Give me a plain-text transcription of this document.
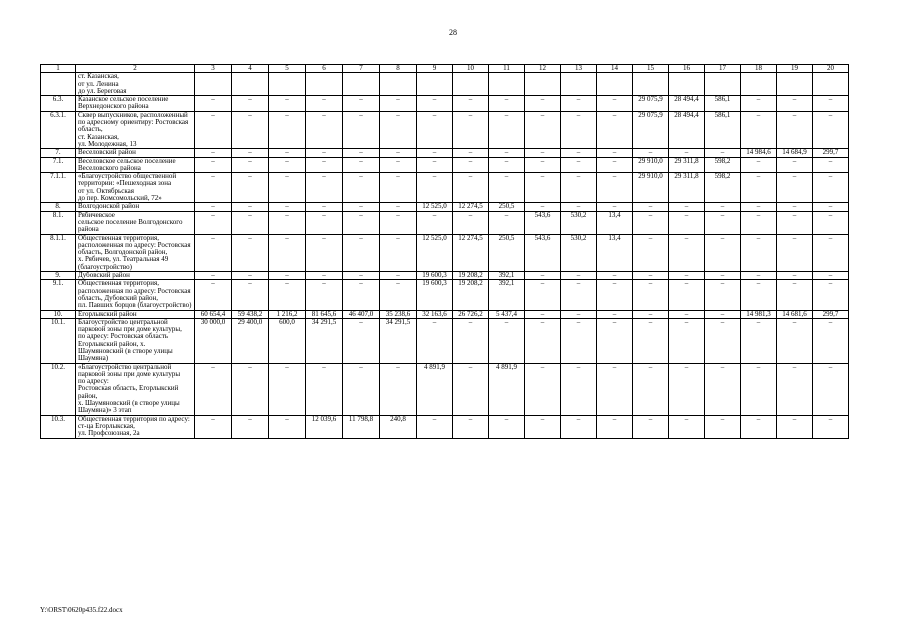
28
1	2	3	4	5	6	7	8	9	10	11	12	13	14	15	16	17	18	19	20
	ст. Казанская,
от ул. Ленина
до ул. Береговая																		
6.3.	Казанское сельское поселение Верхнедонского района	–	–	–	–	–	–	–	–	–	–	–	–	29 075,9	28 494,4	586,1	–	–	–
6.3.1.	Сквер выпускников, расположенный
по адресному ориентиру: Ростовская область,
ст. Казанская,
ул. Молодежная, 13	–	–	–	–	–	–	–	–	–	–	–	–	29 075,9	28 494,4	586,1	–	–	–
7.	Веселовский район	–	–	–	–	–	–	–	–	–	–	–	–	–	–	–	14 984,6	14 684,9	299,7
7.1.	Веселовское сельское поселение Веселовского района	–	–	–	–	–	–	–	–	–	–	–	–	29 910,0	29 311,8	598,2	–	–	–
7.1.1.	«Благоустройство общественной территории: «Пешеходная зона
от ул. Октябрьская
до пер. Комсомольский, 72»	–	–	–	–	–	–	–	–	–	–	–	–	29 910,0	29 311,8	598,2	–	–	–
8.	Волгодонской район	–	–	–	–	–	–	12 525,0	12 274,5	250,5	–	–	–	–	–	–	–	–	–
8.1.	Рябичевское
сельское поселение Волгодонского района	–	–	–	–	–	–	–	–	–	543,6	530,2	13,4	–	–	–	–	–	–
8.1.1.	Общественная территория, расположенная по адресу: Ростовская область, Волгодонской район,
х. Рябичев, ул. Театральная 49 (благоустройство)	–	–	–	–	–	–	12 525,0	12 274,5	250,5	543,6	530,2	13,4	–	–	–	–	–	–
9.	Дубовский район	–	–	–	–	–	–	19 600,3	19 208,2	392,1	–	–	–	–	–	–	–	–	–
9.1.	Общественная территория, расположенная по адресу: Ростовская область, Дубовский район,
пл. Павших борцов (благоустройство)	–	–	–	–	–	–	19 600,3	19 208,2	392,1	–	–	–	–	–	–	–	–	–
10.	Егорлыкский район	60 654,4	59 438,2	1 216,2	81 645,6	46 407,0	35 238,6	32 163,6	26 726,2	5 437,4	–	–	–	–	–	–	14 981,3	14 681,6	299,7
10.1.	Благоустройство центральной парковой зоны при доме культуры,
по адресу: Ростовская область Егорлыкский район, х. Шаумяновский (в створе улицы Шаумяна)	30 000,0	29 400,0	600,0	34 291,5	–	34 291,5	–	–	–	–	–	–	–	–	–	–	–	–
10.2.	«Благоустройство центральной парковой зоны при доме культуры
по адресу:
Ростовская область, Егорлыкский район,
х. Шаумяновский (в створе улицы Шаумяна)» 3 этап	–	–	–	–	–	–	4 891,9	–	4 891,9	–	–	–	–	–	–	–	–	–
10.3.	Общественная территория по адресу:
ст-ца Егорлыкская,
ул. Профсоюзная, 2а	–	–	–	12 039,6	11 798,8	240,8	–	–	–	–	–	–	–	–	–	–	–	–
Y:\ORST\0620p435.f22.docx
